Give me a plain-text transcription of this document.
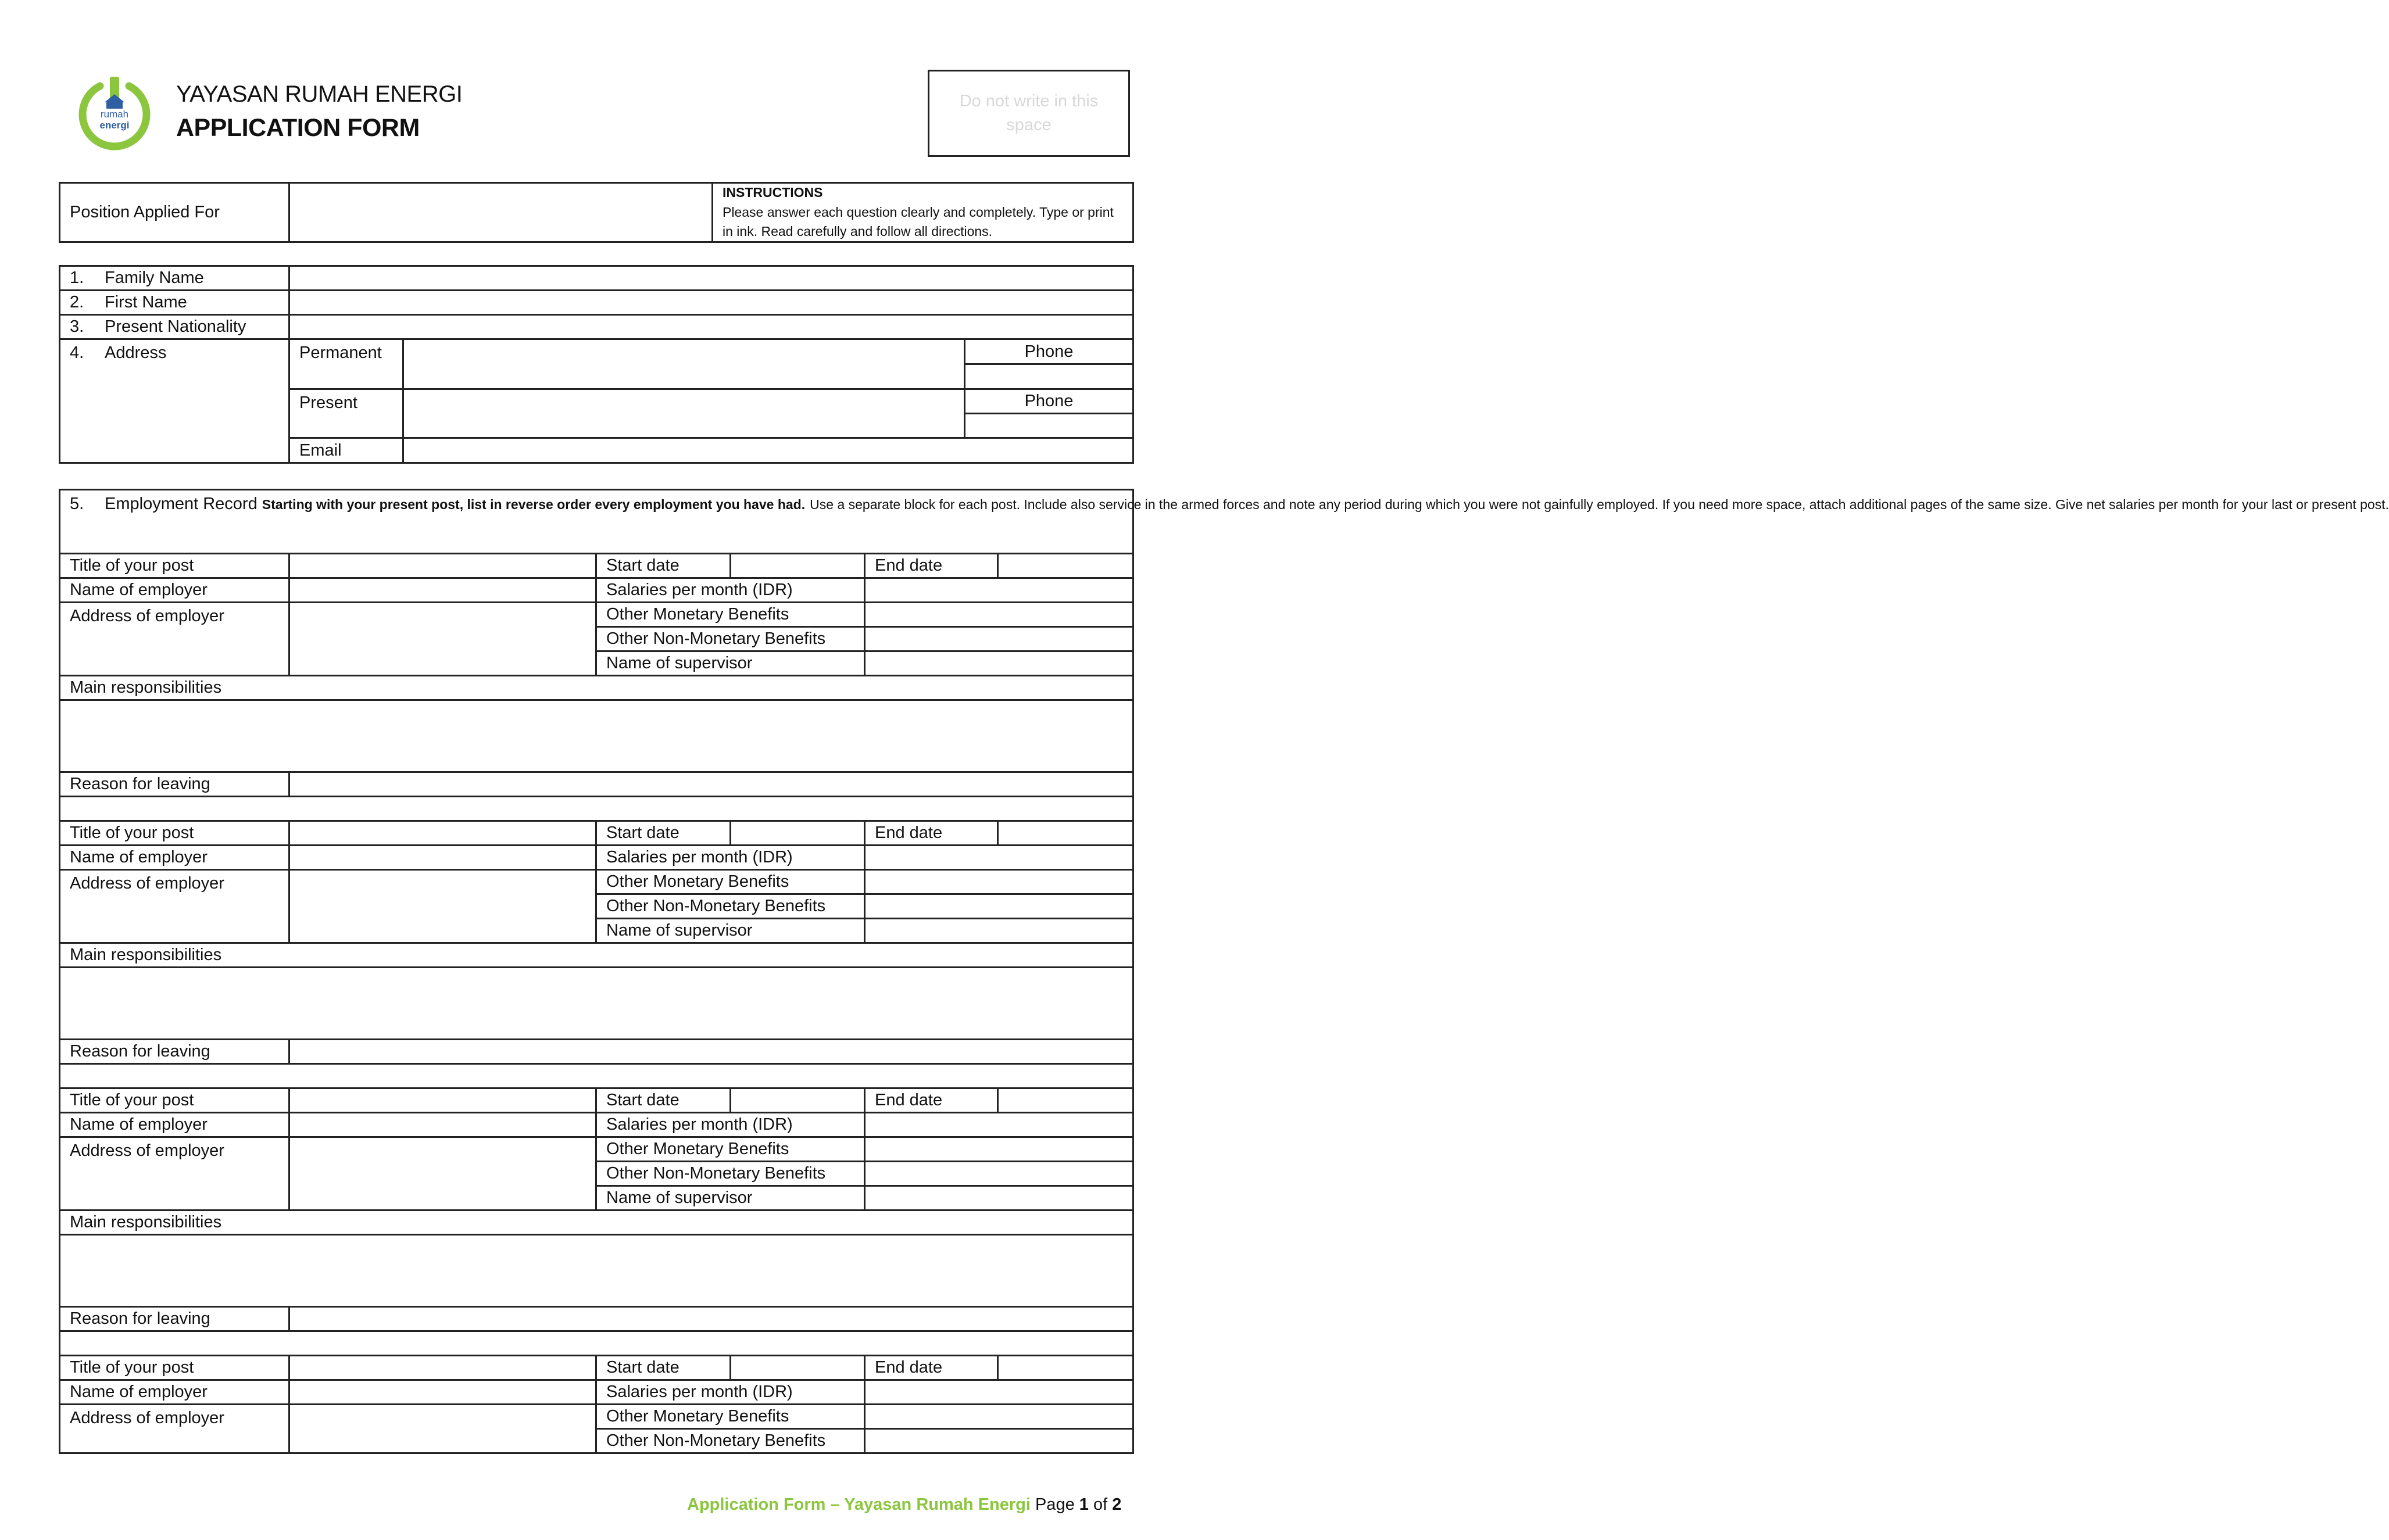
rumah
energi
YAYASAN RUMAH ENERGI
APPLICATION FORM
Do not write in this space
Position Applied For		
INSTRUCTIONS
Please answer each question clearly and completely. Type or print in ink. Read carefully and follow all directions.
1. Family Name			
2. First Name			
3. Present Nationality			
4. Address	Permanent		Phone

	Present		Phone

	Email		
5. Employment Record Starting with your present post, list in reverse order every employment you have had. Use a separate block for each post. Include also service in the armed forces and note any period during which you were not gainfully employed. If you need more space, attach additional pages of the same size. Give net salaries per month for your last or present post.					
Title of your post		Start date		End date	
Name of employer		Salaries per month (IDR)			
Address of employer		Other Monetary Benefits			
		Other Non-Monetary Benefits			
		Name of supervisor			
Main responsibilities					

Reason for leaving					

Title of your post		Start date		End date	
Name of employer		Salaries per month (IDR)			
Address of employer		Other Monetary Benefits			
		Other Non-Monetary Benefits			
		Name of supervisor			
Main responsibilities					

Reason for leaving					

Title of your post		Start date		End date	
Name of employer		Salaries per month (IDR)			
Address of employer		Other Monetary Benefits			
		Other Non-Monetary Benefits			
		Name of supervisor			
Main responsibilities					

Reason for leaving					

Title of your post		Start date		End date	
Name of employer		Salaries per month (IDR)			
Address of employer		Other Monetary Benefits			
		Other Non-Monetary Benefits			
Application Form – Yayasan Rumah Energi Page 1 of 2
